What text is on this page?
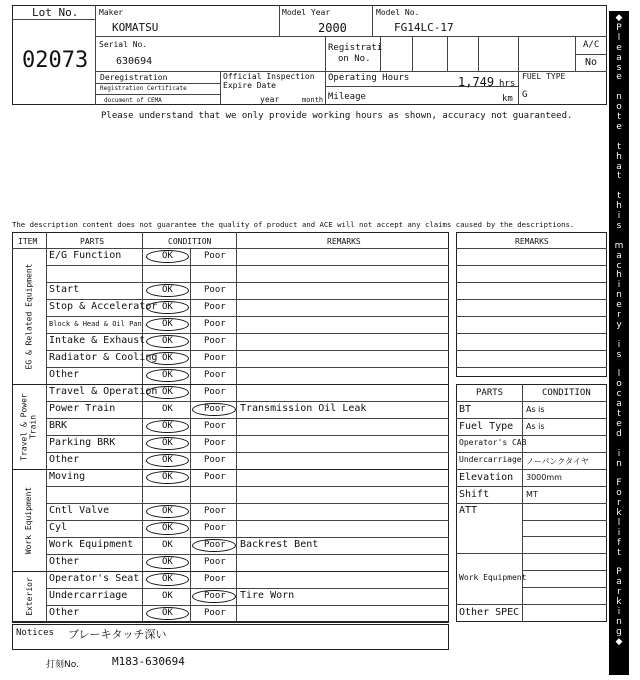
Lot No.
02073
Maker
KOMATSU
Model Year
2000
Model No.
FG14LC-17
Serial No.
630694
Registrati
on No.
A/C
No
Deregistration
Registration Certificate
document of CEMA
Official Inspection
Expire Date
year	month
Operating Hours	1,749 hrs
Mileage	km
FUEL TYPE
G
Please understand that we only provide working hours as shown, accuracy not guaranteed.
The description content does not guarantee the quality of product and ACE will not accept any claims caused by the descriptions.
E/G Function	OK	Poor
Start	OK	Poor
Stop & Accelerator OK	Poor
Block & Head & Oil Pan OK	Poor
Intake & Exhaust OK	Poor
Radiator & Cooling OK	Poor
Other	OK	Poor
EG & Related Equipment
Travel & Operation OK	Poor
Power Train	OK	Poor Transmission Oil Leak
BRK	OK	Poor
Parking BRK	OK	Poor
Other	OK	Poor
Travel & Power Train
Moving	OK	Poor
Cntl Valve	OK	Poor
Cyl	OK	Poor
Work Equipment	OK	Poor Backrest Bent
Other	OK	Poor
Work Equipment
Operator's Seat	OK	Poor
Undercarriage	OK	Poor Tire Worn
Other	OK	Poor
Exterior
ITEM	PARTS	CONDITION	REMARKS	REMARKS
PARTS	CONDITION
BT	As is
Fuel Type As is
Operator's CAB
Undercarriage ノーパンクタイヤ
Elevation 3000mm
Shift	MT
ATT
Work Equipment
Other SPEC
Notices ブレーキタッチ深い
打刻No.	M183-630694
◆
P
l
e
a
s
e
n
o
t
e
t
h
a
t
t
h
i
s
m
a
c
h
i
n
e
r
y
i
s
l
o
c
a
t
e
d
i
n
F
o
r
k
l
i
f
t
P
a
r
k
i
n
g
◆
